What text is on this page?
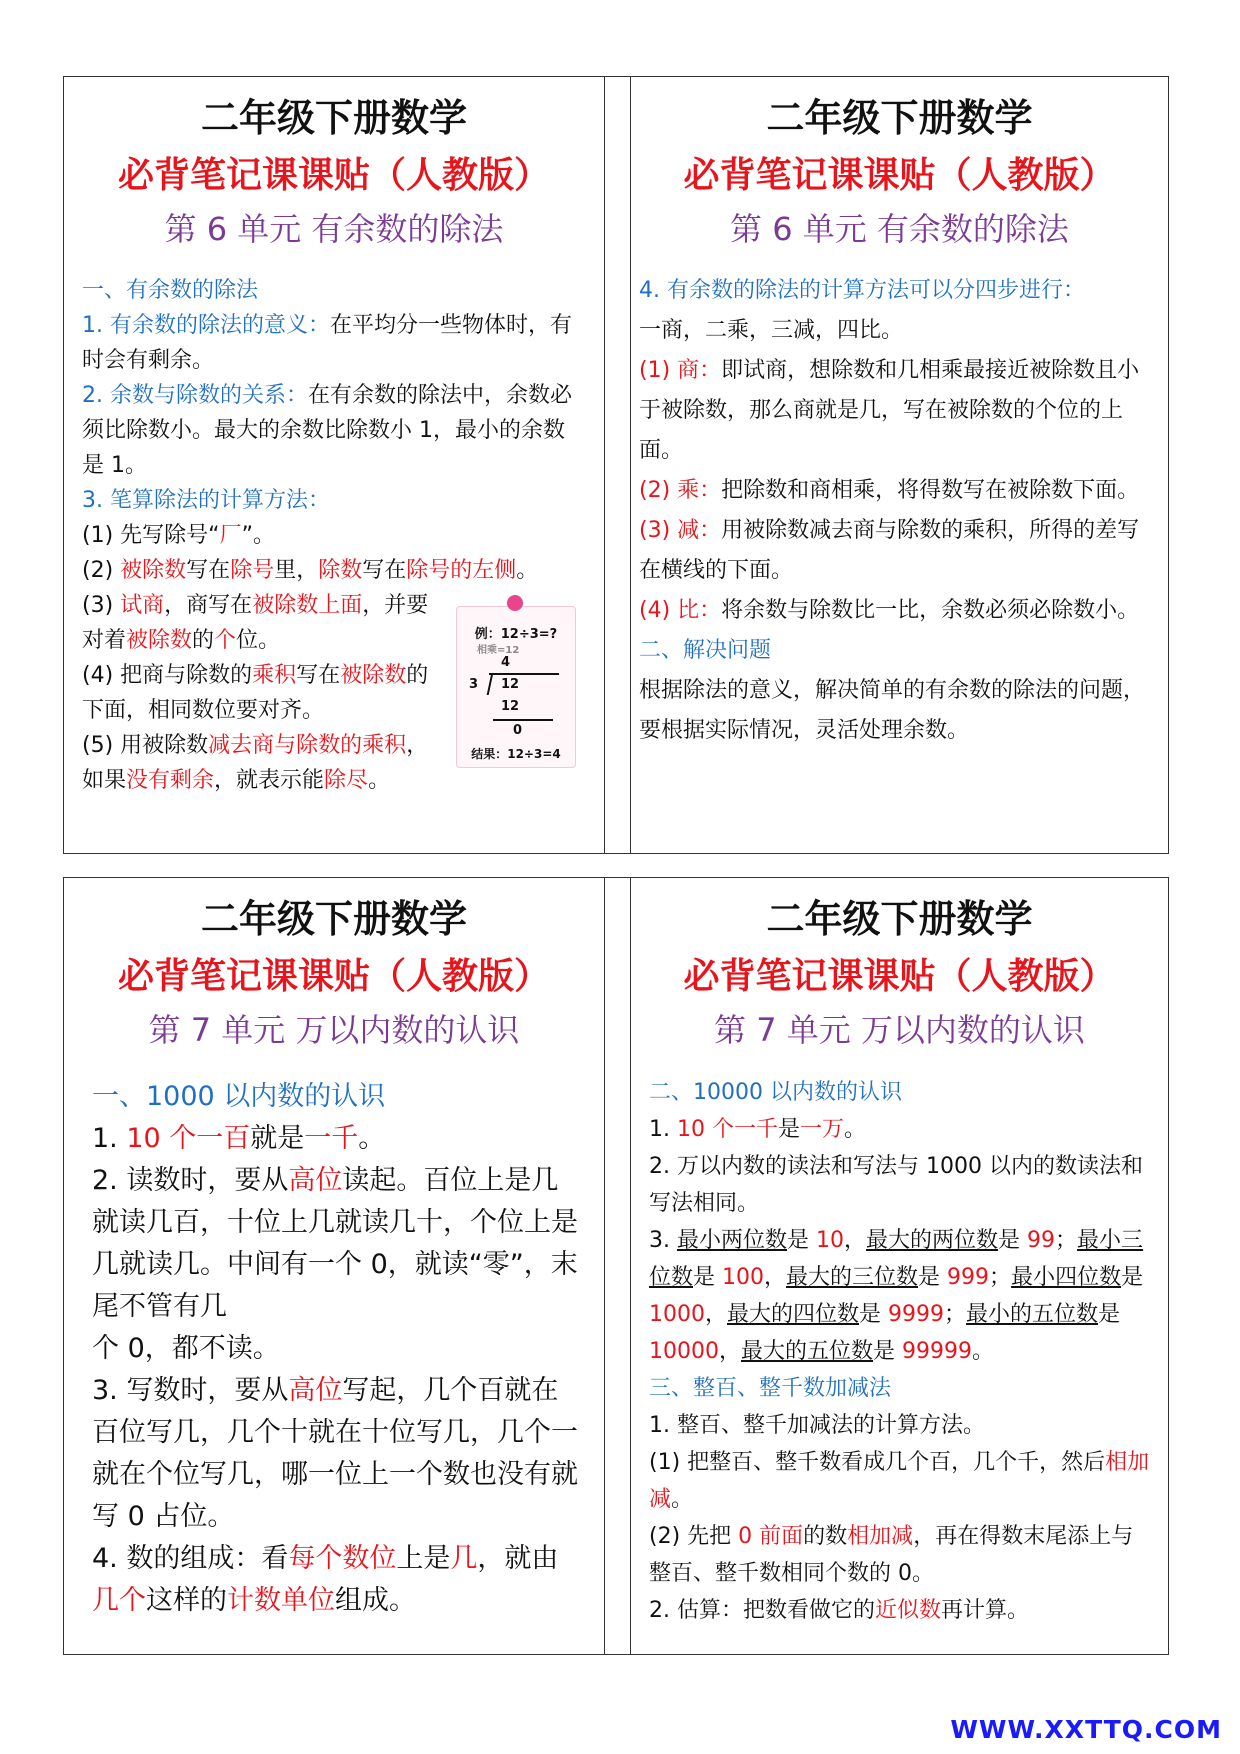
二年级下册数学
必背笔记课课贴（人教版）
第 6 单元 有余数的除法

一、有余数的除法

1. 有余数的除法的意义：在平均分一些物体时，有时会有剩余。

2. 余数与除数的关系：在有余数的除法中，余数必须比除数小。最大的余数比除数小 1，最小的余数是 1。

3. 笔算除法的计算方法：

(1) 先写除号“厂”。

(2) 被除数写在除号里，除数写在除号的左侧。

(3) 试商，商写在被除数上面，并要对着被除数的个位。

(4) 把商与除数的乘积写在被除数的下面，相同数位要对齐。

(5) 用被除数减去商与除数的乘积，如果没有剩余，就表示能除尽。

例：12÷3=?
相乘=12
4
3	12
12
0
结果：12÷3=4
二年级下册数学
必背笔记课课贴（人教版）
第 6 单元 有余数的除法

4. 有余数的除法的计算方法可以分四步进行：

一商，二乘，三减，四比。

(1) 商：即试商，想除数和几相乘最接近被除数且小于被除数，那么商就是几，写在被除数的个位的上面。

(2) 乘：把除数和商相乘，将得数写在被除数下面。

(3) 减：用被除数减去商与除数的乘积，所得的差写在横线的下面。

(4) 比：将余数与除数比一比，余数必须必除数小。

二、解决问题

根据除法的意义，解决简单的有余数的除法的问题，要根据实际情况，灵活处理余数。

二年级下册数学
必背笔记课课贴（人教版）
第 7 单元 万以内数的认识

一、1000 以内数的认识

1. 10 个一百就是一千。

2. 读数时，要从高位读起。百位上是几就读几百，十位上几就读几十，个位上是几就读几。中间有一个 0，就读“零”，末尾不管有几

个 0，都不读。

3. 写数时，要从高位写起，几个百就在百位写几，几个十就在十位写几，几个一就在个位写几，哪一位上一个数也没有就写 0 占位。

4. 数的组成：看每个数位上是几，就由几个这样的计数单位组成。

二年级下册数学
必背笔记课课贴（人教版）
第 7 单元 万以内数的认识

二、10000 以内数的认识

1. 10 个一千是一万。

2. 万以内数的读法和写法与 1000 以内的数读法和写法相同。

3. 最小两位数是 10，最大的两位数是 99；最小三位数是 100，最大的三位数是 999；最小四位数是 1000，最大的四位数是 9999；最小的五位数是 10000，最大的五位数是 99999。

三、整百、整千数加减法

1. 整百、整千加减法的计算方法。

(1) 把整百、整千数看成几个百，几个千，然后相加减。

(2) 先把 0 前面的数相加减，再在得数末尾添上与整百、整千数相同个数的 0。

2. 估算：把数看做它的近似数再计算。

WWW.XXTTQ.COM
